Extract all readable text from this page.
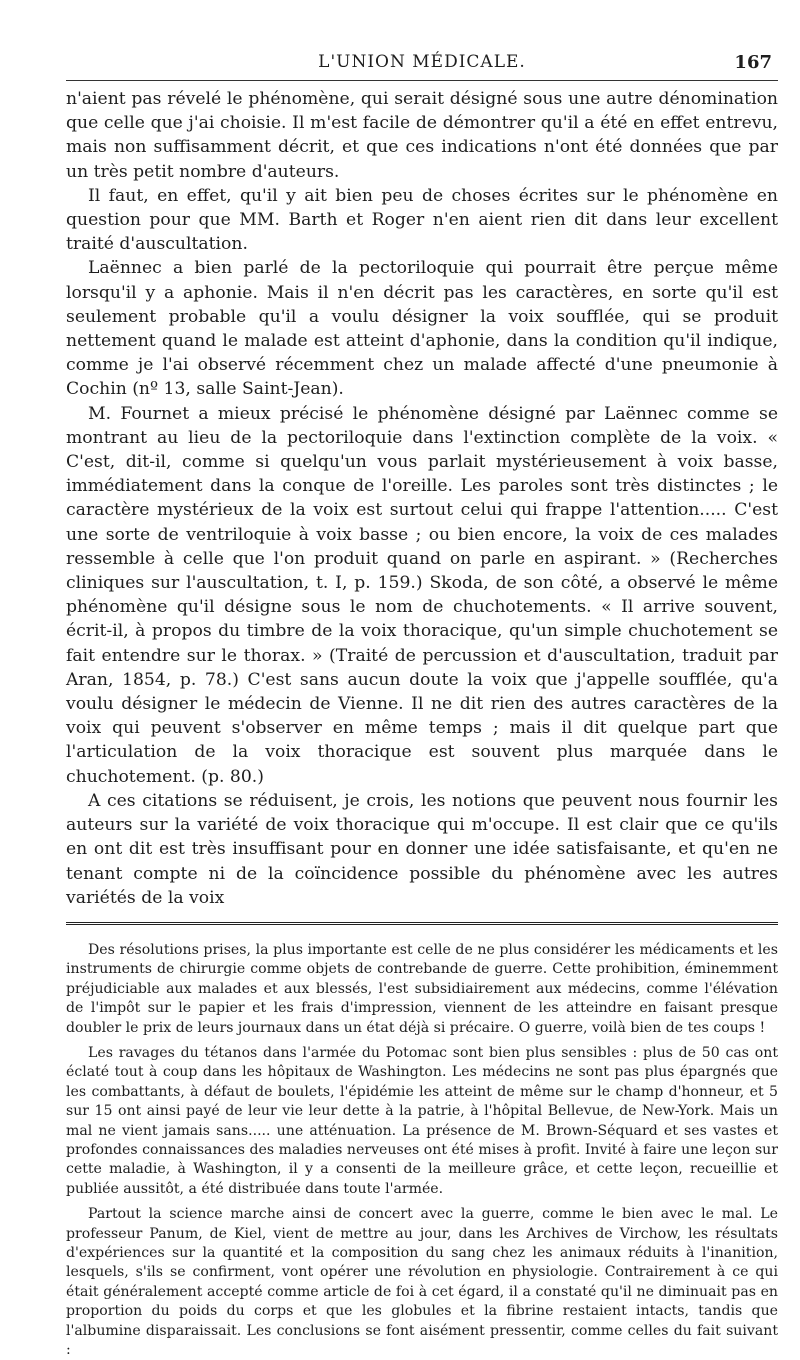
L'UNION MÉDICALE.	167

n'aient pas révelé le phénomène, qui serait désigné sous une autre dénomination que celle que j'ai choisie. Il m'est facile de démontrer qu'il a été en effet entrevu, mais non suffisamment décrit, et que ces indications n'ont été données que par un très petit nombre d'auteurs.

Il faut, en effet, qu'il y ait bien peu de choses écrites sur le phénomène en question pour que MM. Barth et Roger n'en aient rien dit dans leur excellent traité d'auscultation.

Laënnec a bien parlé de la pectoriloquie qui pourrait être perçue même lorsqu'il y a aphonie. Mais il n'en décrit pas les caractères, en sorte qu'il est seulement probable qu'il a voulu désigner la voix soufflée, qui se produit nettement quand le malade est atteint d'aphonie, dans la condition qu'il indique, comme je l'ai observé récemment chez un malade affecté d'une pneumonie à Cochin (nº 13, salle Saint-Jean).

M. Fournet a mieux précisé le phénomène désigné par Laënnec comme se montrant au lieu de la pectoriloquie dans l'extinction complète de la voix. « C'est, dit-il, comme si quelqu'un vous parlait mystérieusement à voix basse, immédiatement dans la conque de l'oreille. Les paroles sont très distinctes ; le caractère mystérieux de la voix est surtout celui qui frappe l'attention..... C'est une sorte de ventriloquie à voix basse ; ou bien encore, la voix de ces malades ressemble à celle que l'on produit quand on parle en aspirant. » (Recherches cliniques sur l'auscultation, t. I, p. 159.) Skoda, de son côté, a observé le même phénomène qu'il désigne sous le nom de chuchotements. « Il arrive souvent, écrit-il, à propos du timbre de la voix thoracique, qu'un simple chuchotement se fait entendre sur le thorax. » (Traité de percussion et d'auscultation, traduit par Aran, 1854, p. 78.) C'est sans aucun doute la voix que j'appelle soufflée, qu'a voulu désigner le médecin de Vienne. Il ne dit rien des autres caractères de la voix qui peuvent s'observer en même temps ; mais il dit quelque part que l'articulation de la voix thoracique est souvent plus marquée dans le chuchotement. (p. 80.)

A ces citations se réduisent, je crois, les notions que peuvent nous fournir les auteurs sur la variété de voix thoracique qui m'occupe. Il est clair que ce qu'ils en ont dit est très insuffisant pour en donner une idée satisfaisante, et qu'en ne tenant compte ni de la coïncidence possible du phénomène avec les autres variétés de la voix

Des résolutions prises, la plus importante est celle de ne plus considérer les médicaments et les instruments de chirurgie comme objets de contrebande de guerre. Cette prohibition, éminemment préjudiciable aux malades et aux blessés, l'est subsidiairement aux médecins, comme l'élévation de l'impôt sur le papier et les frais d'impression, viennent de les atteindre en faisant presque doubler le prix de leurs journaux dans un état déjà si précaire. O guerre, voilà bien de tes coups !

Les ravages du tétanos dans l'armée du Potomac sont bien plus sensibles : plus de 50 cas ont éclaté tout à coup dans les hôpitaux de Washington. Les médecins ne sont pas plus épargnés que les combattants, à défaut de boulets, l'épidémie les atteint de même sur le champ d'honneur, et 5 sur 15 ont ainsi payé de leur vie leur dette à la patrie, à l'hôpital Bellevue, de New-York. Mais un mal ne vient jamais sans..... une atténuation. La présence de M. Brown-Séquard et ses vastes et profondes connaissances des maladies nerveuses ont été mises à profit. Invité à faire une leçon sur cette maladie, à Washington, il y a consenti de la meilleure grâce, et cette leçon, recueillie et publiée aussitôt, a été distribuée dans toute l'armée.

Partout la science marche ainsi de concert avec la guerre, comme le bien avec le mal. Le professeur Panum, de Kiel, vient de mettre au jour, dans les Archives de Virchow, les résultats d'expériences sur la quantité et la composition du sang chez les animaux réduits à l'inanition, lesquels, s'ils se confirment, vont opérer une révolution en physiologie. Contrairement à ce qui était généralement accepté comme article de foi à cet égard, il a constaté qu'il ne diminuait pas en proportion du poids du corps et que les globules et la fibrine restaient intacts, tandis que l'albumine disparaissait. Les conclusions se font aisément pressentir, comme celles du fait suivant :
